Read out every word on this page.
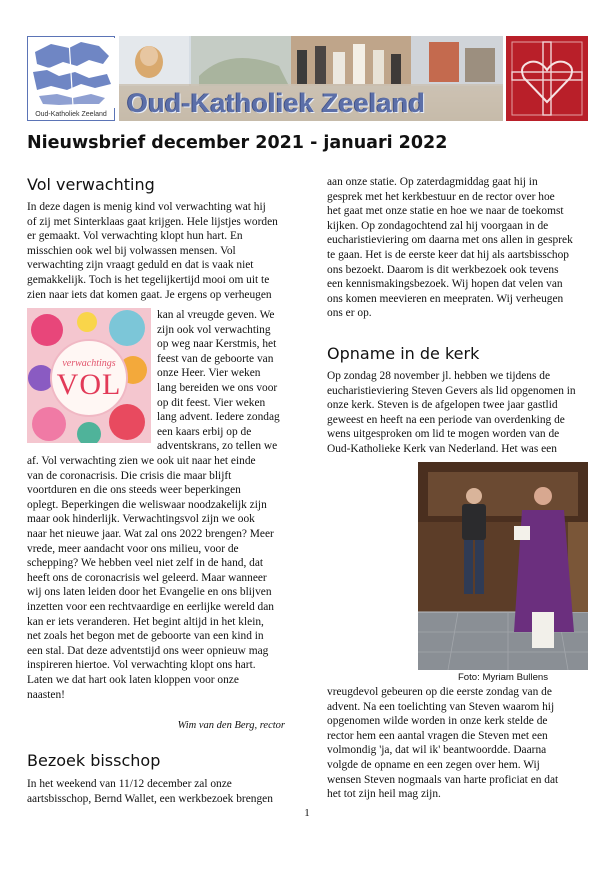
Oud-Katholiek Zeeland Oud-Katholiek Zeeland
Nieuwsbrief december 2021 - januari 2022
Vol verwachting
In deze dagen is menig kind vol verwachting wat hij
of zij met Sinterklaas gaat krijgen. Hele lijstjes worden
er gemaakt. Vol verwachting klopt hun hart. En
misschien ook wel bij volwassen mensen. Vol
verwachting zijn vraagt geduld en dat is vaak niet
gemakkelijk. Toch is het tegelijkertijd mooi om uit te
zien naar iets dat komen gaat. Je ergens op verheugen
verwachtings
VOL
kan al vreugde geven. We
zijn ook vol verwachting
op weg naar Kerstmis, het
feest van de geboorte van
onze Heer. Vier weken
lang bereiden we ons voor
op dit feest. Vier weken
lang advent. Iedere zondag
een kaars erbij op de
adventskrans, zo tellen we
af. Vol verwachting zien we ook uit naar het einde
van de coronacrisis. Die crisis die maar blijft
voortduren en die ons steeds weer beperkingen
oplegt. Beperkingen die weliswaar noodzakelijk zijn
maar ook hinderlijk. Verwachtingsvol zijn we ook
naar het nieuwe jaar. Wat zal ons 2022 brengen? Meer
vrede, meer aandacht voor ons milieu, voor de
schepping? We hebben veel niet zelf in de hand, dat
heeft ons de coronacrisis wel geleerd. Maar wanneer
wij ons laten leiden door het Evangelie en ons blijven
inzetten voor een rechtvaardige en eerlijke wereld dan
kan er iets veranderen. Het begint altijd in het klein,
net zoals het begon met de geboorte van een kind in
een stal. Dat deze adventstijd ons weer opnieuw mag
inspireren hiertoe. Vol verwachting klopt ons hart.
Laten we dat hart ook laten kloppen voor onze
naasten!
Wim van den Berg, rector
Bezoek bisschop
In het weekend van 11/12 december zal onze
aartsbisschop, Bernd Wallet, een werkbezoek brengen
aan onze statie. Op zaterdagmiddag gaat hij in
gesprek met het kerkbestuur en de rector over hoe
het gaat met onze statie en hoe we naar de toekomst
kijken. Op zondagochtend zal hij voorgaan in de
eucharistieviering om daarna met ons allen in gesprek
te gaan. Het is de eerste keer dat hij als aartsbisschop
ons bezoekt. Daarom is dit werkbezoek ook tevens
een kennismakingsbezoek. Wij hopen dat velen van
ons komen meevieren en meepraten. Wij verheugen
ons er op.
Opname in de kerk
Op zondag 28 november jl. hebben we tijdens de
eucharistieviering Steven Gevers als lid opgenomen in
onze kerk. Steven is de afgelopen twee jaar gastlid
geweest en heeft na een periode van overdenking de
wens uitgesproken om lid te mogen worden van de
Oud-Katholieke Kerk van Nederland. Het was een
Foto: Myriam Bullens
vreugdevol gebeuren op die eerste zondag van de
advent. Na een toelichting van Steven waarom hij
opgenomen wilde worden in onze kerk stelde de
rector hem een aantal vragen die Steven met een
volmondig 'ja, dat wil ik' beantwoordde. Daarna
volgde de opname en een zegen over hem. Wij
wensen Steven nogmaals van harte proficiat en dat
het tot zijn heil mag zijn.
1
